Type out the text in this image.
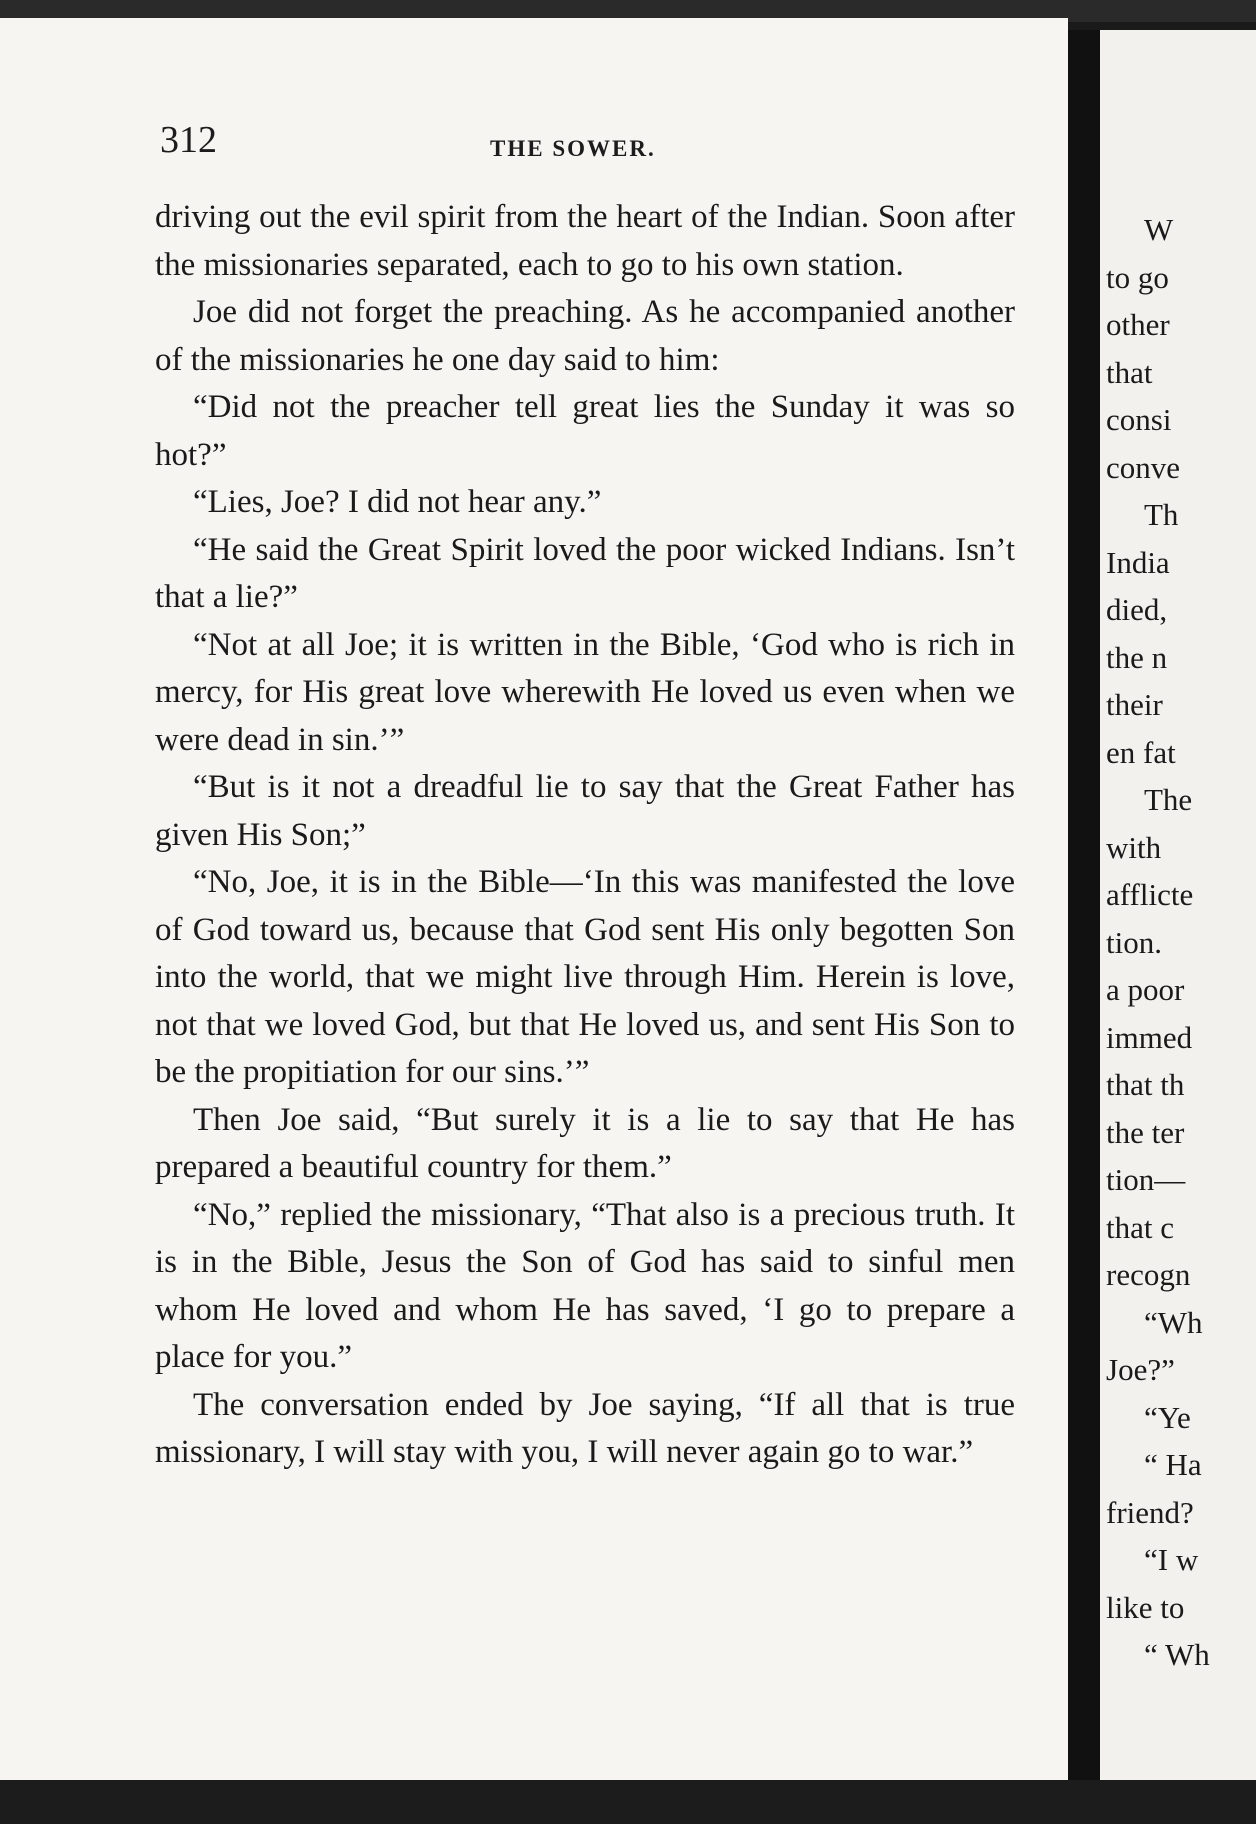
312	THE SOWER.

driving out the evil spirit from the heart of the Indian. Soon after the missionaries separated, each to go to his own station.

Joe did not forget the preaching. As he accompanied another of the missionaries he one day said to him:

“Did not the preacher tell great lies the Sunday it was so hot?”

“Lies, Joe? I did not hear any.”

“He said the Great Spirit loved the poor wicked Indians. Isn’t that a lie?”

“Not at all Joe; it is written in the Bible, ‘God who is rich in mercy, for His great love wherewith He loved us even when we were dead in sin.’”

“But is it not a dreadful lie to say that the Great Father has given His Son;”

“No, Joe, it is in the Bible—‘In this was manifested the love of God toward us, because that God sent His only begotten Son into the world, that we might live through Him. Herein is love, not that we loved God, but that He loved us, and sent His Son to be the propitiation for our sins.’”

Then Joe said, “But surely it is a lie to say that He has prepared a beautiful country for them.”

“No,” replied the missionary, “That also is a precious truth. It is in the Bible, Jesus the Son of God has said to sinful men whom He loved and whom He has saved, ‘I go to prepare a place for you.”

The conversation ended by Joe saying, “If all that is true missionary, I will stay with you, I will never again go to war.”

W
to go
other
that
consi
conve
Th
India
died,
the n
their
en fat
The
with
afflicte
tion.
a poor
immed
that th
the ter
tion—
that c
recogn
“Wh
Joe?”
“Ye
“ Ha
friend?
“I w
like to
“ Wh
